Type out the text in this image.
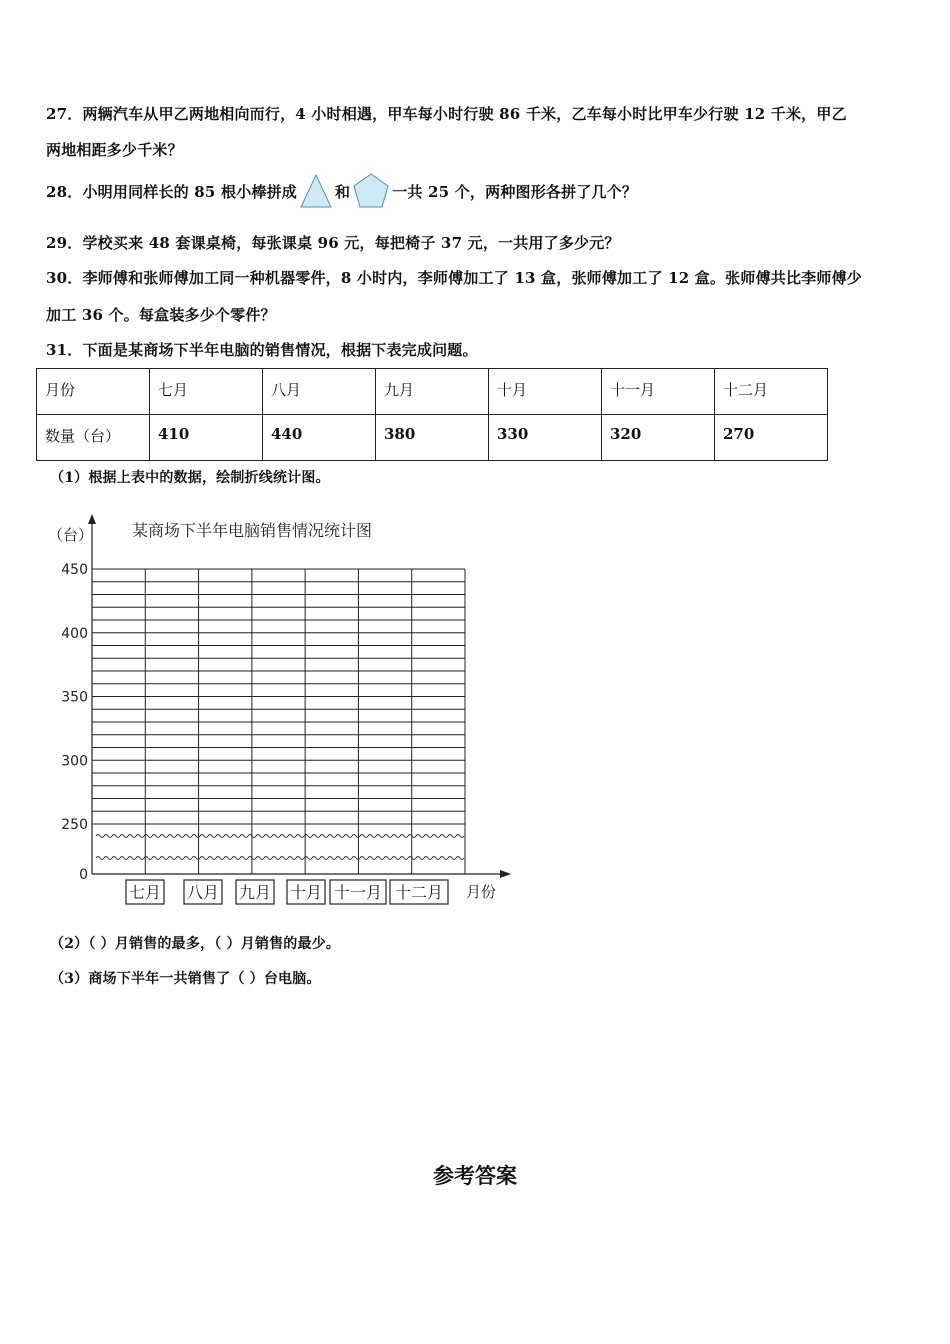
27．两辆汽车从甲乙两地相向而行，4 小时相遇，甲车每小时行驶 86 千米，乙车每小时比甲车少行驶 12 千米，甲乙
两地相距多少千米？
28．小明用同样长的 85 根小棒拼成	和	一共 25 个，两种图形各拼了几个？
29．学校买来 48 套课桌椅，每张课桌 96 元，每把椅子 37 元，一共用了多少元？
30．李师傅和张师傅加工同一种机器零件，8 小时内，李师傅加工了 13 盒，张师傅加工了 12 盒。张师傅共比李师傅少
加工 36 个。每盒装多少个零件？
31．下面是某商场下半年电脑的销售情况，根据下表完成问题。
月份	七月	八月	九月	十月	十一月	十二月
数量（台）	410	440	380	330	320	270
（1）根据上表中的数据，绘制折线统计图。
某商场下半年电脑销售情况统计图
（台）
月份
450
400
350
300
250
0
七月 八月 九月 十月 十一月 十二月
（2）（ ）月销售的最多，（ ）月销售的最少。
（3）商场下半年一共销售了（ ）台电脑。
参考答案
